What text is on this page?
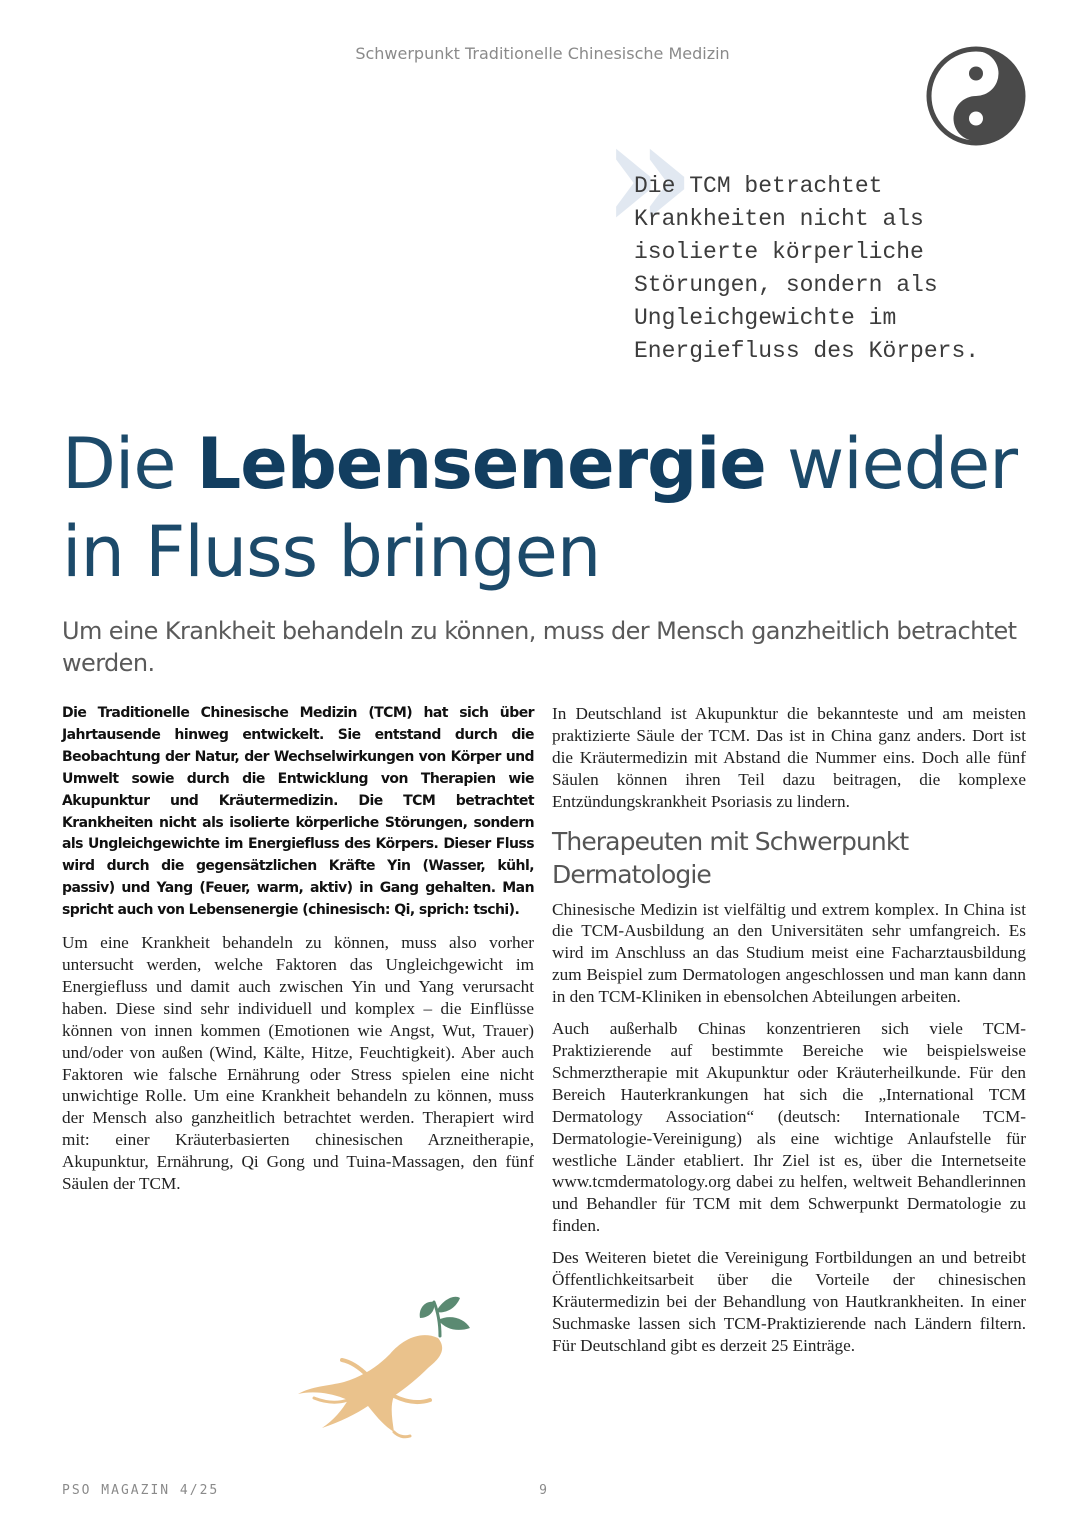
Schwerpunkt Traditionelle Chinesische Medizin
»

Die TCM betrachtet
Krankheiten nicht als
isolierte körperliche
Störungen, sondern als
Ungleichgewichte im
Energiefluss des Körpers.

Die Lebensenergie wieder in Fluss bringen

Um eine Krankheit behandeln zu können, muss der Mensch ganzheitlich betrachtet werden.

Die Traditionelle Chinesische Medizin (TCM) hat sich über Jahrtausende hinweg entwickelt. Sie entstand durch die Beobachtung der Natur, der Wechselwirkungen von Körper und Umwelt sowie durch die Entwicklung von Therapien wie Akupunktur und Kräutermedizin. Die TCM betrachtet Krankheiten nicht als isolierte körperliche Störungen, sondern als Ungleichgewichte im Energiefluss des Körpers. Dieser Fluss wird durch die gegensätzlichen Kräfte Yin (Wasser, kühl, passiv) und Yang (Feuer, warm, aktiv) in Gang gehalten. Man spricht auch von Lebensenergie (chinesisch: Qi, sprich: tschi).

Um eine Krankheit behandeln zu können, muss also vorher untersucht werden, welche Faktoren das Ungleichgewicht im Energiefluss und damit auch zwischen Yin und Yang verursacht haben. Diese sind sehr individuell und komplex – die Einflüsse können von innen kommen (Emotionen wie Angst, Wut, Trauer) und/oder von außen (Wind, Kälte, Hitze, Feuchtigkeit). Aber auch Faktoren wie falsche Ernährung oder Stress spielen eine nicht unwichtige Rolle. Um eine Krankheit behandeln zu können, muss der Mensch also ganzheitlich betrachtet werden. Therapiert wird mit: einer Kräuterbasierten chinesischen Arzneitherapie, Akupunktur, Ernährung, Qi Gong und Tuina-Massagen, den fünf Säulen der TCM.

In Deutschland ist Akupunktur die bekannteste und am meisten praktizierte Säule der TCM. Das ist in China ganz anders. Dort ist die Kräutermedizin mit Abstand die Nummer eins. Doch alle fünf Säulen können ihren Teil dazu beitragen, die komplexe Entzündungskrankheit Psoriasis zu lindern.

Therapeuten mit Schwerpunkt Dermatologie

Chinesische Medizin ist vielfältig und extrem komplex. In China ist die TCM-Ausbildung an den Universitäten sehr umfangreich. Es wird im Anschluss an das Studium meist eine Facharztausbildung zum Beispiel zum Dermatologen angeschlossen und man kann dann in den TCM-Kliniken in ebensolchen Abteilungen arbeiten.

Auch außerhalb Chinas konzentrieren sich viele TCM-Praktizierende auf bestimmte Bereiche wie beispielsweise Schmerztherapie mit Akupunktur oder Kräuterheilkunde. Für den Bereich Hauterkrankungen hat sich die „International TCM Dermatology Association“ (deutsch: Internationale TCM-Dermatologie-Vereinigung) als eine wichtige Anlaufstelle für westliche Länder etabliert. Ihr Ziel ist es, über die Internetseite www.tcmdermatology.org dabei zu helfen, weltweit Behandlerinnen und Behandler für TCM mit dem Schwerpunkt Dermatologie zu finden.

Des Weiteren bietet die Vereinigung Fortbildungen an und betreibt Öffentlichkeitsarbeit über die Vorteile der chinesischen Kräutermedizin bei der Behandlung von Hautkrankheiten. In einer Suchmaske lassen sich TCM-Praktizierende nach Ländern filtern. Für Deutschland gibt es derzeit 25 Einträge.

PSO MAGAZIN 4/25	9
